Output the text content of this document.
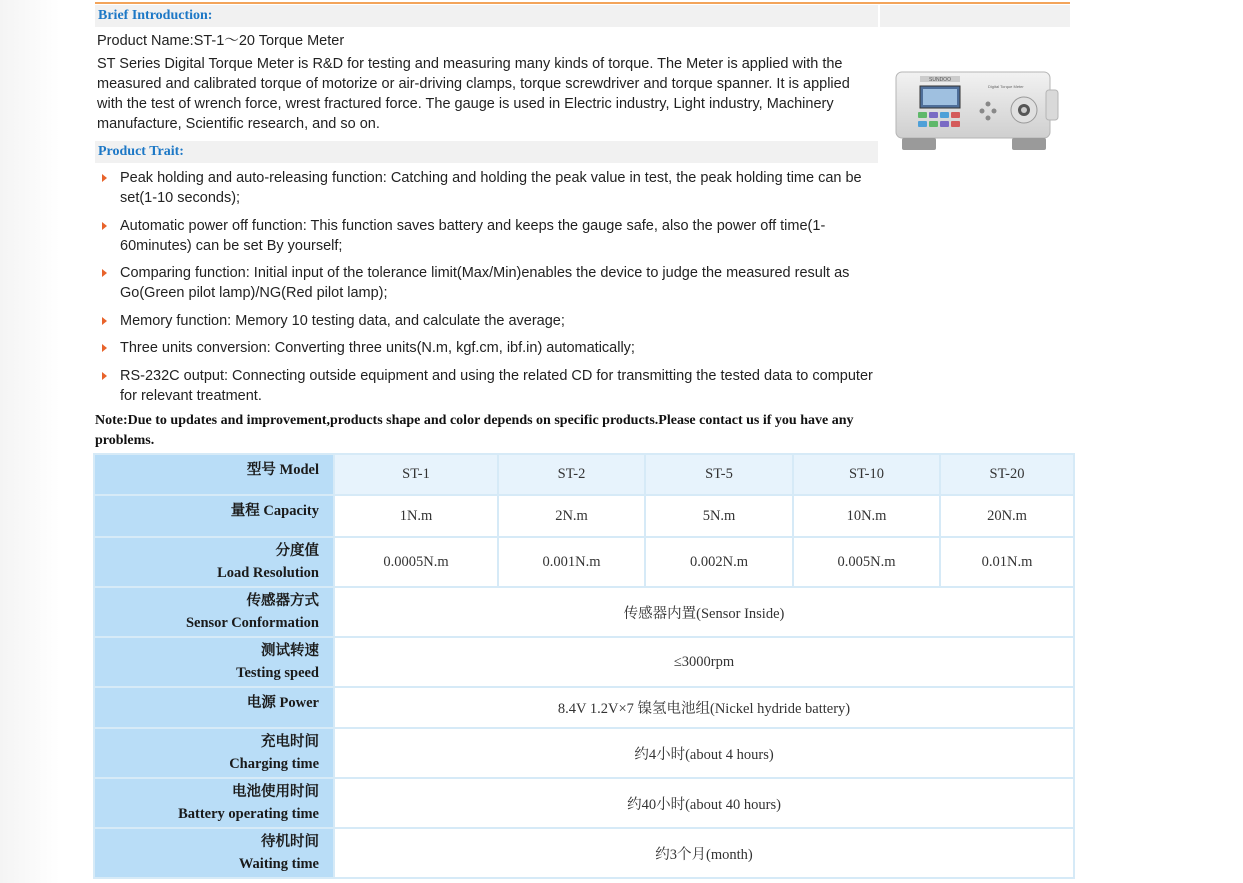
Brief Introduction:
Product Name:ST-1～20 Torque Meter
ST Series Digital Torque Meter is R&D for testing and measuring many kinds of torque. The Meter is applied with the measured and calibrated torque of motorize or air-driving clamps, torque screwdriver and torque spanner. It is applied with the test of wrench force, wrest fractured force. The gauge is used in Electric industry, Light industry, Machinery manufacture, Scientific research, and so on.
Product Trait:
Peak holding and auto-releasing function: Catching and holding the peak value in test, the peak holding time can be set(1-10 seconds);
Automatic power off function: This function saves battery and keeps the gauge safe, also the power off time(1-60minutes) can be set By yourself;
Comparing function: Initial input of the tolerance limit(Max/Min)enables the device to judge the measured result as Go(Green pilot lamp)/NG(Red pilot lamp);
Memory function: Memory 10 testing data, and calculate the average;
Three units conversion: Converting three units(N.m, kgf.cm, ibf.in) automatically;
RS-232C output: Connecting outside equipment and using the related CD for transmitting the tested data to computer for relevant treatment.
Note:Due to updates and improvement,products shape and color depends on specific products.Please contact us if you have any problems.
SUNDOO
Digital Torque Meter
型号 Model	ST-1	ST-2	ST-5	ST-10	ST-20
量程 Capacity	1N.m	2N.m	5N.m	10N.m	20N.m

分度值
Load Resolution	0.0005N.m	0.001N.m	0.002N.m	0.005N.m	0.01N.m

传感器方式
Sensor Conformation	传感器内置(Sensor Inside)				

测试转速
Testing speed	≤3000rpm				
电源 Power	8.4V 1.2V×7 镍氢电池组(Nickel hydride battery)				

充电时间
Charging time	约4小时(about 4 hours)				

电池使用时间
Battery operating time	约40小时(about 40 hours)				

待机时间
Waiting time	约3个月(month)				
